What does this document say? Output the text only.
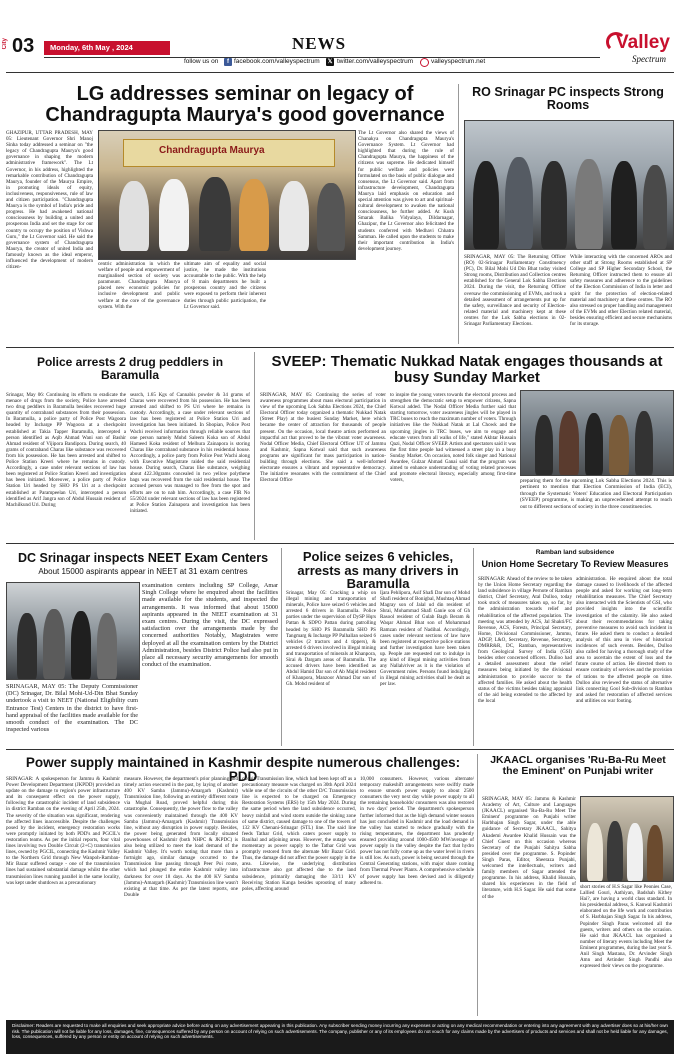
City 03 Monday, 6th May , 2024	NEWS
follow us on	f facebook.com/valleyspectrum 𝕏 twitter.com/valleyspectrum	valleyspectrum.net
Valley
Spectrum
LG addresses seminar on legacy of Chandragupta Maurya's good governance
GHAZIPUR, UTTAR PRADESH, MAY 05: Lieutenant Governor Shri Manoj Sinha today addressed a seminar on "the legacy of Chandragupta Maurya's good governance in shaping the modern administrative framework". The Lt Governor, in his address, highlighted the remarkable contribution of Chandragupta Maurya, founder of the Maurya Empire, in promoting ideals of equity, inclusiveness, responsiveness, rule of law and citizen participation. "Chandragupta Maurya is the symbol of India's pride and progress. He had awakened national consciousness by building a united and prosperous India and set the stage for our country to occupy the position of Vishwa Guru," the Lt Governor said. He said the governance system of Chandragupta Maurya, the creator of united India and famously known as the ideal emperor, influenced the development of modern citizen-
Chandragupta Maurya
centric administration in which the welfare of people and empowerment of marginalised section of society was paramount. Chandragupta Maurya placed new economic policies for inclusive development and public welfare at the core of the governance system. With the
ultimate aim of equality and social justice, he made the institutions accountable to the public. With the help of 8 main departments he built a prosperous country and the citizens were exposed to perform their inherent duties through public participation, the Lt Governor said.
The Lt Governor also shared the views of Chanakya on Chandragupta Maurya's Governance System. Lt Governor had highlighted that during the rule of Chandragupta Maurya, the happiness of the citizens was supreme. He dedicated himself for public welfare and policies were formulated on the basis of public dialogue and consensus, the Lt Governor said. Apart from infrastructure development, Chandragupta Maurya laid emphasis on education and special attention was given to art and spiritual-cultural development to awaken the national consciousness, he further added. At Kush Smarak Balika Vidyalaya, Dildarnagar, Ghazipur, the Lt Governor also felicitated the students conferred with Medhavi Chhatra Samman. He called upon the students to make their important contribution in India's development journey.
RO Srinagar PC inspects Strong Rooms
SRINAGAR, MAY 05: The Returning Officer (RO) 02-Srinagar Parliamentary Constituency (PC), Dr. Bilal Mohi Ud Din Bhat today visited Strong rooms, Distribution and Collection centres established for the General Lok Sabha Elections 2024. During the visit, the Returning Officer oversaw the commissioning of EVMs, and took a detailed assessment of arrangements put up for the safety, surveillance and security of Election-related material and machinery kept at these centres for the Lok Sabha elections in 02-Srinagar Parliamentary Elections.
While interacting with the concerned AROs and other staff at Strong Rooms established at SP College and SP Higher Secondary School, the Returning Officer instructed them to ensure all safety measures and adherence to the guidelines of the Election Commission of India in letter and spirit for the protection of election-related material and machinery at these centres. The RO also stressed on proper handling and management of the EVMs and other Election related material, besides ensuring efficient and secure mechanisms for its storage.
Police arrests 2 drug peddlers in Baramulla
Srinagar, May 06: Continuing its efforts to eradicate the menace of drugs from the society, Police have arrested two drug peddlers in Baramulla besides recovered huge quantity of contraband substances from their possession. In Baramulla, a police party of Police Post Wagoora headed by Incharge PP Wagoora at a checkpoint established at Takia Tapper Baramulla, intercepted a person identified as Aqib Ahmad Wani son of Bashir Ahmad resident of Vijipora Bandipora. During search, 40 grams of contraband Charas like substance was recovered from his possession. He has been arrested and shifted to Police Station Kreeri where he remains in custody. Accordingly, a case under relevant sections of law has been registered at Police Station Kreeri and investigation has been initiated. Moreover, a police party of Police Station Uri headed by SHO PS Uri at a checkpoint established at Parampeelan Uri, intercepted a person identified as Arif Jangra son of Abdul Hussain resident of Machilkund Uri. During
search, 1.65 Kgs of Cannabis powder & 34 grams of Charas were recovered from his possession. He has been arrested and shifted to PS Uri where he remains in custody. Accordingly, a case under relevant sections of law has been registered at Police Station Uri and investigation has been initiated. In Sbopian, Police Post Wachi received information through reliable sources that one person namely Mohd Saleem Koka son of Abdul Hameed Koka resident of Melhura Zainapora is storing Charas like contraband substance in his residential house. Accordingly, a police party from Police Post Wachi along with Executive Magistrate raided the said residential house. During search, Charas like substance, weighing about 422.30grams concealed in two yellow polythene bags was recovered from the said residential house. The accused person was managed to flee from the spot and efforts are on to nab him. Accordingly, a case FIR No 55/2024 under relevant sections of law has been registered at Police Station Zainapora and investigation has been initiated.
SVEEP: Thematic Nukkad Natak engages thousands at busy Sunday Market
SRINAGAR, MAY 05: Continuing the series of voter awareness programmes about mass electoral participation in view of the upcoming Lok Sabha Elections 2024, the Chief Electoral Officer today organized a thematic Nukkad Natak (Street Play) at the busiest Sunday Market, here which became the center of attraction for thousands of people present. On the occasion, local theatre artists performed an impactful act that proved to be the vibrant voter awareness. Nodal Officer Media, Chief Electoral Officer UT of Jammu and Kashmir, Sapna Kotwal said that such awareness programs are significant for mass participation in nation-building through elections. She said a well-informed electorate ensures a vibrant and representative democracy. The initiative resonates with the commitment of the Chief Electoral Office
to inspire the young voters towards the electoral process and strengthen the democratic setup to empower citizens, Sapna Kotwal added. The Nodal Officer Media further said that starting tomorrow, voter awareness jingles will be played in TRC buses to reach the maximum number of voters. Through initiatives like the Nukkad Natak at Lal Chowk and the upcoming jingles in TRC buses, we aim to engage and educate voters from all walks of life," stated Akhtar Hussain Qazi, Nodal Officer SVEEP. Artists and spectators said it was the first time people had witnessed a street play in a busy Sunday Market. On occasion, noted folk singer and National Awardee, Gulzar Ahmad Ganai said that the program was aimed to enhance understanding of voting related processes and promote electoral literacy, especially among first-time voters,	preparing them for the upcoming Lok Sabha Elections 2024. This is pertinent to mention that Election Commission of India (ECI), through the Systematic Voters' Education and Electoral Participation (SVEEP) programme, is making an unprecedented attempt to reach out to different sections of society in the three constituencies.
DC Srinagar inspects NEET Exam Centers
About 15000 aspirants appear in NEET at 31 exam centres
SRINAGAR, MAY 05: The Deputy Commissioner (DC) Srinagar, Dr. Bilal Mohi-Ud-Din Bhat Sunday undertook a visit to NEET (National Eligibility cum Entrance Test) Centers in the district to have first-hand appraisal of the facilities made available for the smooth conduct of the examination. The DC inspected various
examination centers including SP College, Amar Singh College where he enquired about the facilities made available for the students, and inspected the arrangements. It was informed that about 15000 aspirants appeared in the NEET examination at 31 exam centres. During the visit, the DC expressed satisfaction over the arrangements made by the concerned authorities Notably, Magistrates were deployed at all the examination centers by the District Administration, besides District Police had also put in place all necessary security arrangements for smooth conduct of the examination.
Police seizes 6 vehicles, arrests as many drivers in Baramulla
Srinagar, May 05: Cracking a whip on illegal mining and transportation of minerals, Police have seized 6 vehicles and arrested 6 drivers in Baramulla. Police parties under the supervision of DySP Hqrs Pattan & SDPO Pattan during patrolling headed by SHO PS Baramulla SHO PS Tangmarg & Incharge PP Palhallan seized 6 vehicles (2 tractors and 4 tippers), & arrested 6 drivers involved in illegal mining and transportation of minerals at Khanpora, Sirai & Dargam areas of Baramulla. The accused drivers have been identified as Abdul Hamid Dar son of Ab Majid resident of Khanpora, Manzoor Ahmad Dar son of Gh. Mohd resident of
Ijara Pehlipora, Asif Shafi Dar son of Mohd Shafi resident of Bonigbal, Mushtaq Ahmad Magray son of Jalal ud din resident of Shrai, Mohammad Shafi Ganie son of Gh Rasool resident of Gulab Bagh Beram & Waqar Ahmad Bhat son of Mohammad Ramzan resident of Nadihal. Accordingly, cases under relevant sections of law have been registered at respective police stations and further investigation have been taken up. People are requested not to indulge in any kind of illegal mining activities from any Nallah/river as it is the violation of Government rules. Persons found indulging in illegal mining activities shall be dealt as per law.
Ramban land subsidence
Union Home Secretary To Review Measures
SRINAGAR: Ahead of the review to be taken by the Union Home Secretary regarding the land subsidence in village Pernote of Ramban district, Chief Secretary, Atal Dulloo, today took stock of measures taken up, so far, by the administration towards relief and rehabilitation of the affected population. The meeting was attended by ACS, Jal Shakti/FC Revenue, ACS, Forests, Principal Secretary, Home, Divisional Commissioner, Jammu, ADGP, L&O, Secretary, Revenue, Secretary, DMRR&R, DC, Ramban, representatives from Geological Survey of India (GSI) besides other concerned officers. Dulloo had a detailed assessment about the relief measures being initiated by the divisional administration to provide succor to the affected families. He asked about the health status of the victims besides taking appraisal of the aid being extended to the affected by the local
administration. He enquired about the total damage caused to livelihoods of the affected people and asked for working out long-term rehabilitation measures. The Chief Secretary also interacted with the Scientists of GSI, who provided insights into the scientific investigation of the calamity. He also asked about their recommendations for taking preventive measures to avoid such incident in future. He asked them to conduct a detailed analysis of this area in view of historical incidences of such events. Besides, Dulloo also called for having a thorough study of the area to ascertain the extent of loss and the future course of action. He directed them to ensure continuity of services and the provision of rations to the affected people on time. Dulloo also reviewed the status of alternative link connecting Gool Sub-division to Ramban and asked for restoration of affected services and utilities on war footing.
Power supply maintained in Kashmir despite numerous challenges: PDD
SRINAGAR: A spokesperson for Jammu & Kashmir Power Development Department (JKPDD) provided an update on the damage to region's power infrastructure and its consequent effect on the power supply, following the catastrophic incident of land subsidence in district Ramban on the evening of April 25th, 2024. The severity of the situation was significant, rendering the affected lines inaccessible. Despite the challenges posed by the incident, emergency restoration works were promptly initiated by both PDD's and PGCIL's restoration teams. As per the initial reports, four vital lines involving two Double Circuit (2+C) transmission lines, owned by PGCIL, connecting the Kashmir Valley to the Northern Grid through New Wanpoh-Ramban-Mir Bazar suffered outage - one of the transmission lines had sustained substantial damage whilst the other transmission lines running parallel in the same locality, was kept under shutdown as a precautionary
measure. However, the department's prior planning and timely action executed in the past, by laying of another 400 KV Samba (Jammu)-Amargarh (Kashmir) Transmission line, following an entirely different route via Mughal Road, proved helpful during this catastrophe. Consequently, the power flow to the valley was conveniently maintained through the 400 KV Samba (Jammu)-Amargarh (Kashmir) Transmission line, without any disruption in power supply. Besides, the power being generated from locally situated powerhouses of Kashmir (both NHPC & JKPDC) is also being utilized to meet the load demand of the Kashmir Valley. It's worth noting that more than a fortnight ago, similar damage occurred to the Transmission line passing through Peer Poi route, which had plunged the entire Kashmir valley into darkness for over 18 days. As the 400 KV Samba (Jammu)-Amargarh (Kashmir) Transmission line wasn't existing at that time. As per the latest reports, one Double
circuit Transmission line, which had been kept off as a precautionary measure was charged on 30th April 2024 while one of the circuits of the other D/C Transmission line is expected to be charged on Emergency Restoration Systems (ERS) by 15th May 2024. During the same period when the land subsidence occurred, heavy rainfall and wind storm outside the sinking zone of same district, caused damage to one of the towers of 132 KV Chenani-Srinagar (STL) line. The said line feeds Tathar Grid, which caters power supply to Banihal and adjoining areas. However, the outage was momentary as power supply to the Tathar Grid was promptly restored from the alternate Mir Bazar Grid. Thus, the damage did not affect the power supply in the area. Likewise, the underlying distribution infrastructure also got affected due to the land subsidence, primarily damaging the 33/11 KV Receiving Station Kanga besides uprooting of many poles, affecting around
10,000 consumers. However, various alternate/ temporary makeshift arrangements were swiftly made to ensure smooth power supply to about 2500 consumers the very next day while power supply to all the remaining households/ consumers was also restored in two days' period. The department's spokesperson further informed that as the high demand winter season has just concluded in Kashmir and the load demand in the valley has started to reduce gradually with the rising temperatures, the department has prudently ensured providing around 1000-4500 MW/average of power supply in the valley despite the fact that hydro power has not fully come up as the water level in rivers is still low. As such, power is being secured through the Central Generating stations, with major share coming from Thermal Power Plants. A comprehensive schedule of power supply has been devised and is diligently adhered to.
JKAACL organises 'Ru-Ba-Ru Meet the Eminent' on Punjabi writer
SRINAGAR, MAY 05: Jammu & Kashmir Academy of Art, Culture and Languages (JKAACL) organised 'Ru-Ba-Ru Meet The Eminent' programme on Punjabi writer Harbhajan Singh Sagar, under the able guidance of Secretary JKAACL, Sahitya Akademi Awardee Khalid Hussain was the Chief Guest on this occasion whereas Secretary of the Punjabi Sahitya Sabha presided over the programme. S. Popinder Singh Paras, Editor, Sheeraza Punjabi, welcomed the intellectuals, writers and family members of Sagar attended the programme. In his address, Khalid Hussain, shared his experiences in the field of literature, with H.S Sagar. He said that some of the
short stories of H.S Sagar like Peonies Case, Lallied Gouri, Aathiyan, Badshah Kithey Hai?, are having a world class standard. In his presidential address, S. Kanwal Kashmiri elaborated on the life work and contribution of S. Harbhajan Singh Sagar. In his address, Popinder Singh Paras welcomed all the guests, writers and others on the occasion. He said that JKAACL has organised a number of literary events including Meet the Eminent programmes, during the last year S. Anil Singh Mastana, Dr. Arvinder Singh Amn and Avtinder Singh Pandhi also expressed their views on the programme.
Disclaimer: Readers are requested to make all enquiries and seek appropriate advice before acting on any advertisement appearing in this publication. Any subscriber sending money incurring any expenses or acting on any medical recommendation or entering into any agreement with any advertiser does so at his/her own risk. The publication will not be liable for any loss, damages, fine, consequences suffered by any person on account of relying on such advertisements. The company, publisher or any of its employees do not vouch for any claims made by the advertisers of products and services and shall not be held liable for any damages, loss, consequences, suffered by any person or entity on account of relying on such advertisements.
